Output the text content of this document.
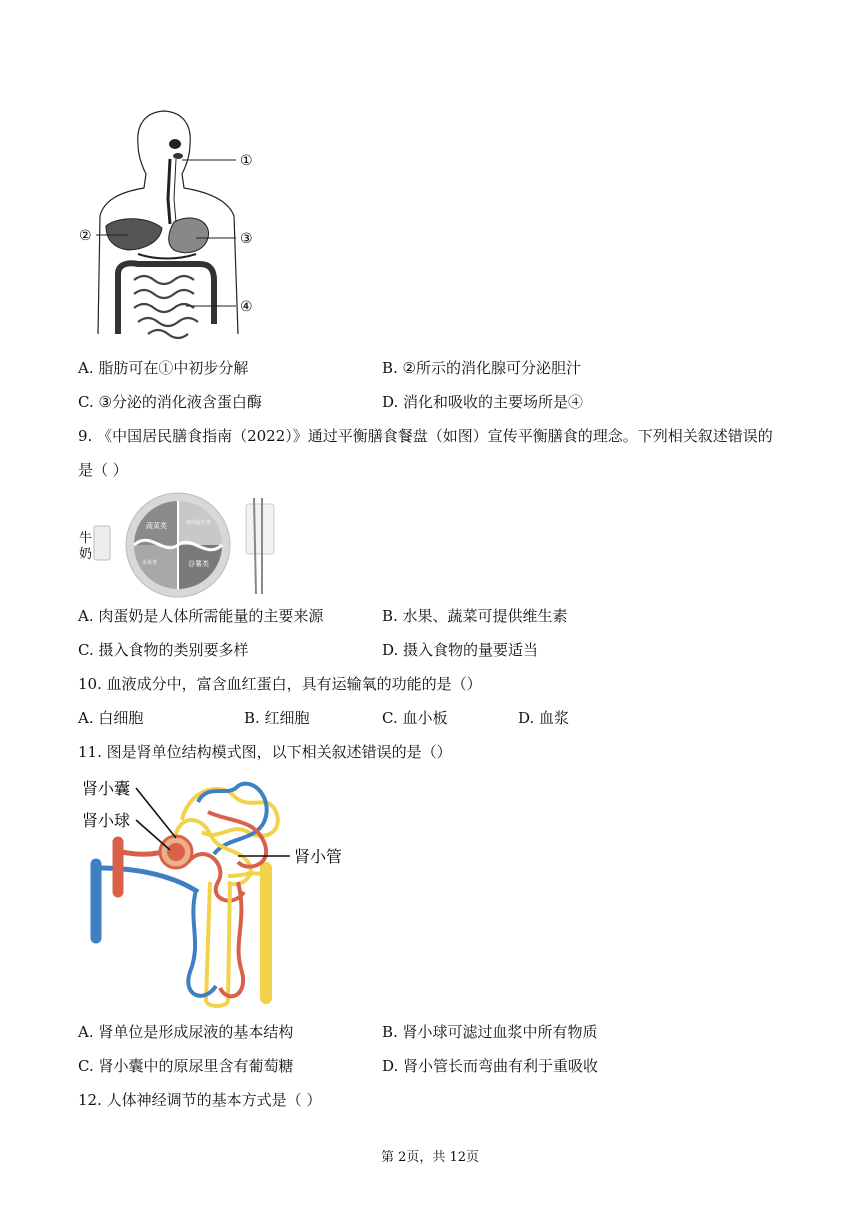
①
②	③
④
A. 脂肪可在①中初步分解	B. ②所示的消化腺可分泌胆汁
C. ③分泌的消化液含蛋白酶	D. 消化和吸收的主要场所是④
9. 《中国居民膳食指南（2022）》通过平衡膳食餐盘（如图）宣传平衡膳食的理念。下列相关叙述错误的
是（ ）
牛
奶
蔬菜类	鱼肉蛋豆类
水果类	谷薯类
A. 肉蛋奶是人体所需能量的主要来源	B. 水果、蔬菜可提供维生素
C. 摄入食物的类别要多样	D. 摄入食物的量要适当
10. 血液成分中，富含血红蛋白，具有运输氧的功能的是（）
A. 白细胞	B. 红细胞	C. 血小板	D. 血浆
11. 图是肾单位结构模式图，以下相关叙述错误的是（）
肾小囊
肾小球
肾小管
A. 肾单位是形成尿液的基本结构	B. 肾小球可滤过血浆中所有物质
C. 肾小囊中的原尿里含有葡萄糖	D. 肾小管长而弯曲有利于重吸收
12. 人体神经调节的基本方式是（ ）
第 2页，共 12页
